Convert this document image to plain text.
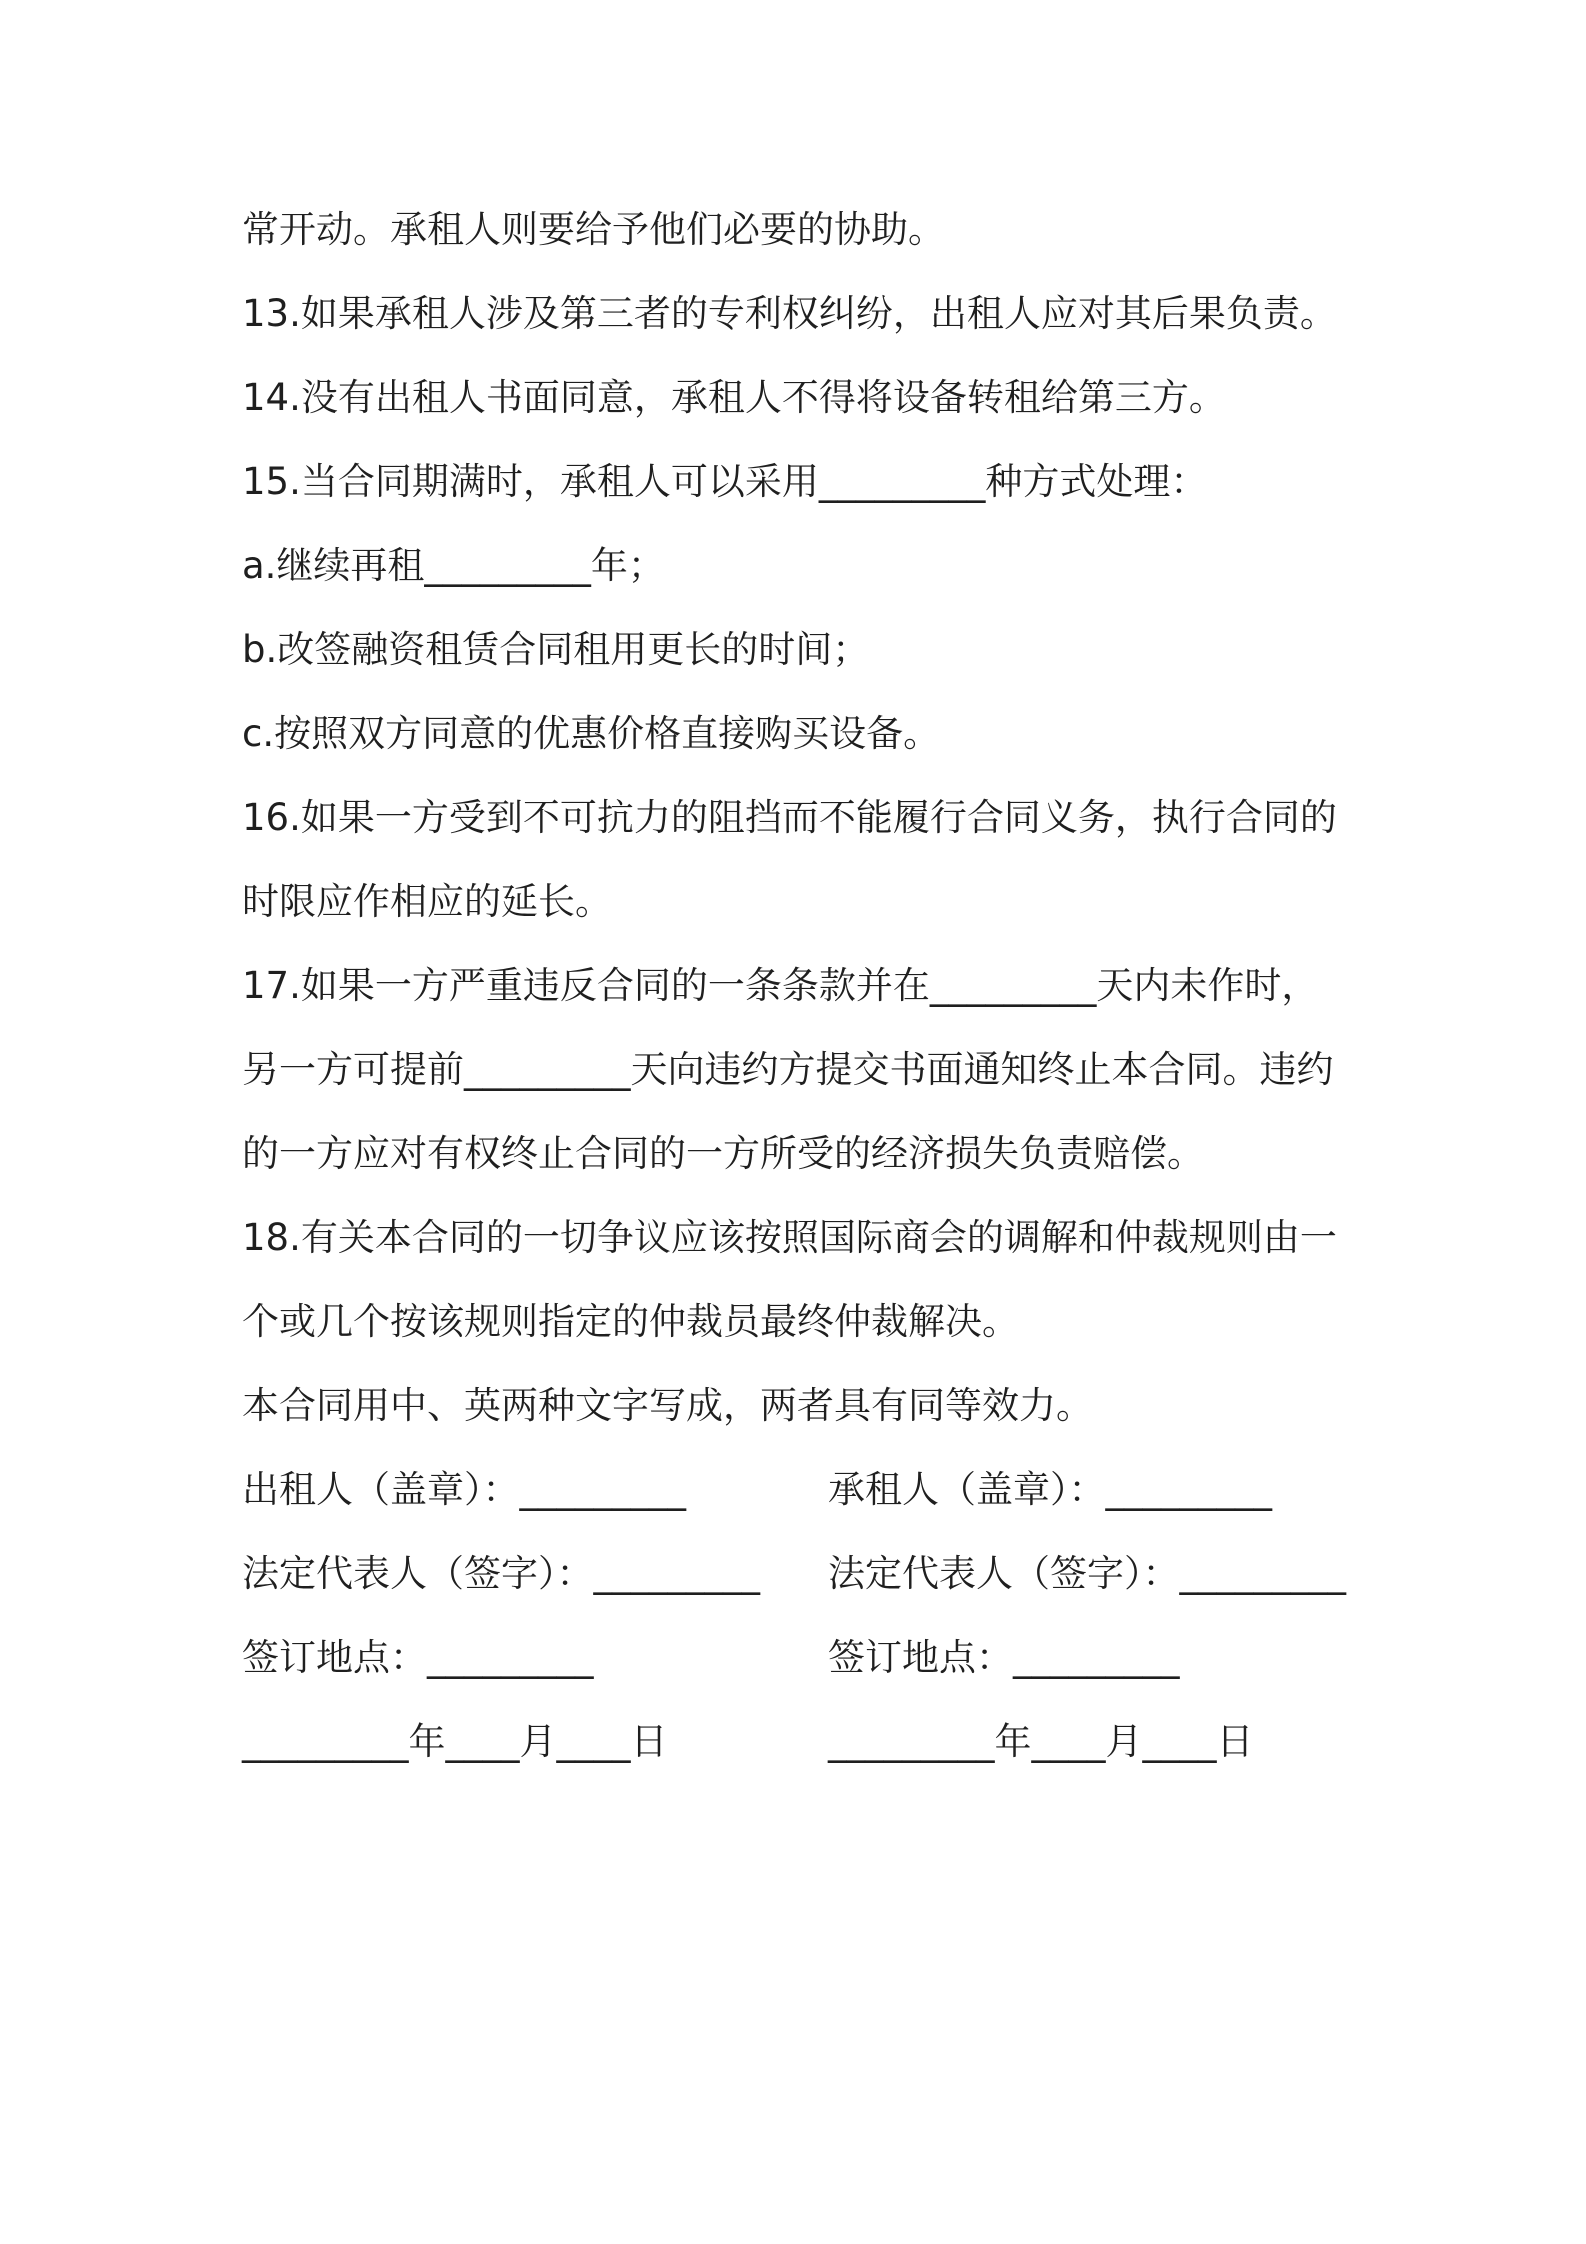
常开动。承租人则要给予他们必要的协助。
13.如果承租人涉及第三者的专利权纠纷，出租人应对其后果负责。
14.没有出租人书面同意，承租人不得将设备转租给第三方。
15.当合同期满时，承租人可以采用_________种方式处理：
a.继续再租_________年；
b.改签融资租赁合同租用更长的时间；
c.按照双方同意的优惠价格直接购买设备。
16.如果一方受到不可抗力的阻挡而不能履行合同义务，执行合同的
时限应作相应的延长。
17.如果一方严重违反合同的一条条款并在_________天内未作时，
另一方可提前_________天向违约方提交书面通知终止本合同。违约
的一方应对有权终止合同的一方所受的经济损失负责赔偿。
18.有关本合同的一切争议应该按照国际商会的调解和仲裁规则由一
个或几个按该规则指定的仲裁员最终仲裁解决。
本合同用中、英两种文字写成，两者具有同等效力。
出租人（盖章）：_________	承租人（盖章）：_________
法定代表人（签字）：_________ 法定代表人（签字）：_________
签订地点：_________	签订地点：_________
_________年____月____日	_________年____月____日
